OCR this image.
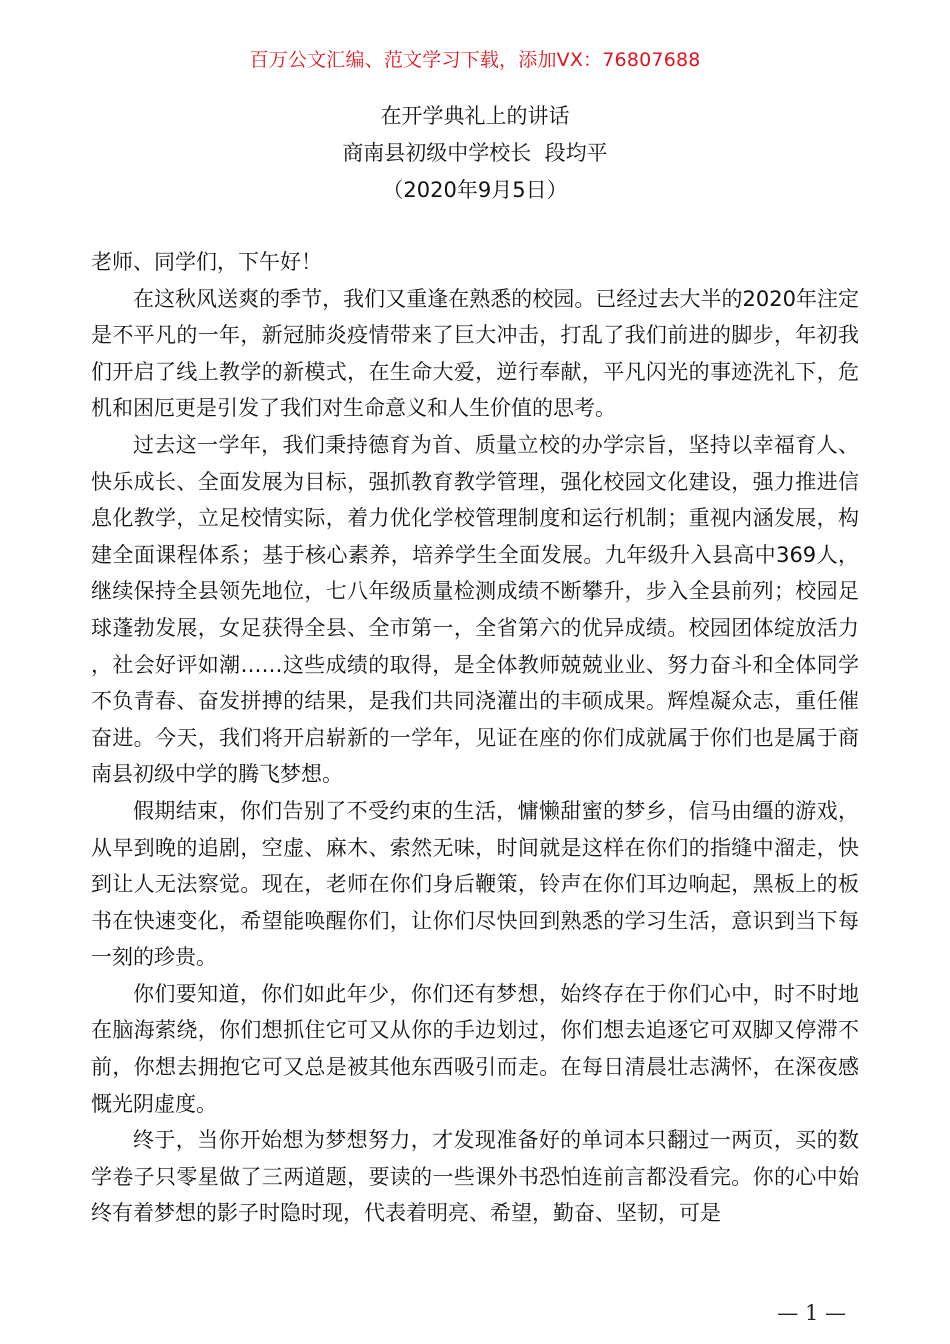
百万公文汇编、范文学习下载，添加VX：76807688
在开学典礼上的讲话
商南县初级中学校长  段均平
（2020年9月5日）

老师、同学们，下午好！

在这秋风送爽的季节，我们又重逢在熟悉的校园。已经过去大半的2020年注定是不平凡的一年，新冠肺炎疫情带来了巨大冲击，打乱了我们前进的脚步，年初我们开启了线上教学的新模式，在生命大爱，逆行奉献，平凡闪光的事迹洗礼下，危机和困厄更是引发了我们对生命意义和人生价值的思考。

过去这一学年，我们秉持德育为首、质量立校的办学宗旨，坚持以幸福育人、快乐成长、全面发展为目标，强抓教育教学管理，强化校园文化建设，强力推进信息化教学，立足校情实际，着力优化学校管理制度和运行机制；重视内涵发展，构建全面课程体系；基于核心素养，培养学生全面发展。九年级升入县高中369人，继续保持全县领先地位，七八年级质量检测成绩不断攀升，步入全县前列；校园足球蓬勃发展，女足获得全县、全市第一，全省第六的优异成绩。校园团体绽放活力，社会好评如潮……这些成绩的取得，是全体教师兢兢业业、努力奋斗和全体同学不负青春、奋发拼搏的结果，是我们共同浇灌出的丰硕成果。辉煌凝众志，重任催奋进。今天，我们将开启崭新的一学年，见证在座的你们成就属于你们也是属于商南县初级中学的腾飞梦想。

假期结束，你们告别了不受约束的生活，慵懒甜蜜的梦乡，信马由缰的游戏，从早到晚的追剧，空虚、麻木、索然无味，时间就是这样在你们的指缝中溜走，快到让人无法察觉。现在，老师在你们身后鞭策，铃声在你们耳边响起，黑板上的板书在快速变化，希望能唤醒你们，让你们尽快回到熟悉的学习生活，意识到当下每一刻的珍贵。

你们要知道，你们如此年少，你们还有梦想，始终存在于你们心中，时不时地在脑海萦绕，你们想抓住它可又从你的手边划过，你们想去追逐它可双脚又停滞不前，你想去拥抱它可又总是被其他东西吸引而走。在每日清晨壮志满怀，在深夜感慨光阴虚度。

终于，当你开始想为梦想努力，才发现准备好的单词本只翻过一两页，买的数学卷子只零星做了三两道题，要读的一些课外书恐怕连前言都没看完。你的心中始终有着梦想的影子时隐时现，代表着明亮、希望，勤奋、坚韧，可是

— 1 —
